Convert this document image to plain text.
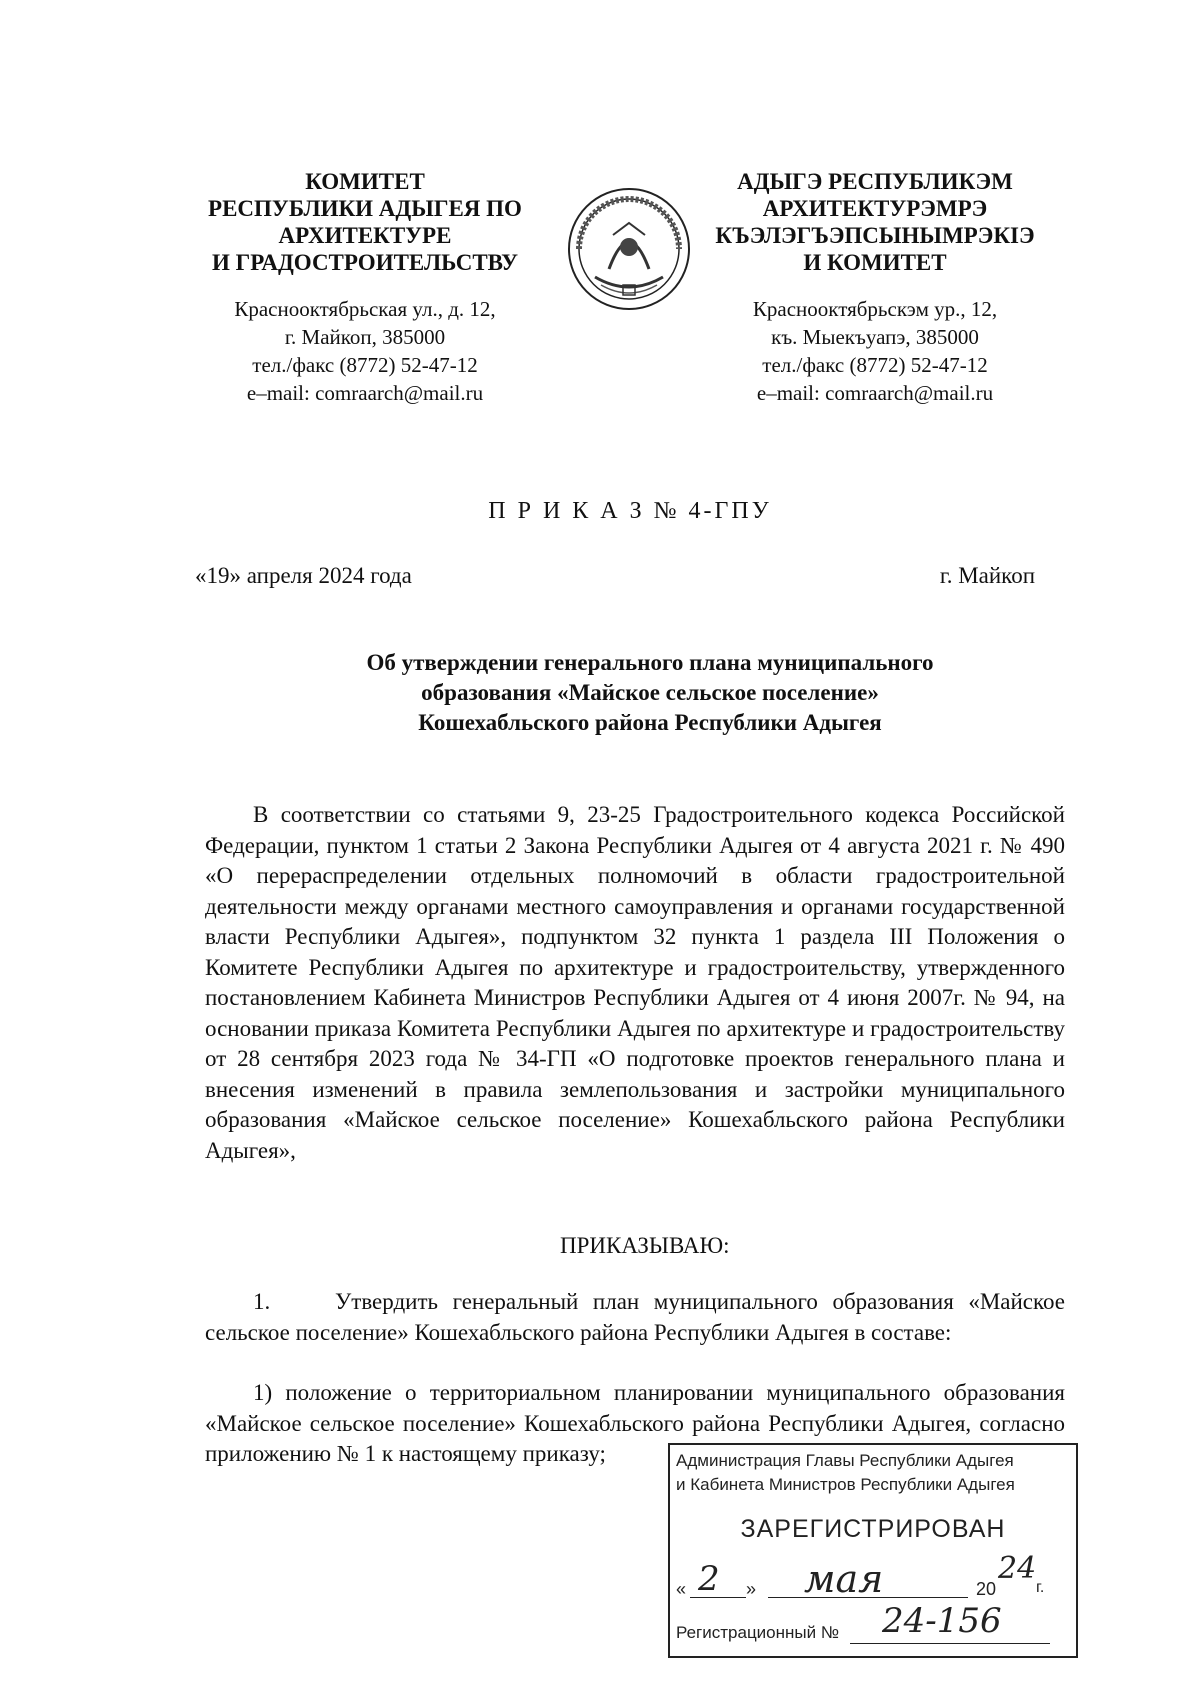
КОМИТЕТ
РЕСПУБЛИКИ АДЫГЕЯ ПО
АРХИТЕКТУРЕ
И ГРАДОСТРОИТЕЛЬСТВУ
Краснооктябрьская ул., д. 12,
г. Майкоп, 385000
тел./факс (8772) 52-47-12
e–mail: comraarch@mail.ru
АДЫГЭ РЕСПУБЛИКЭМ
АРХИТЕКТУРЭМРЭ
КЪЭЛЭГЪЭПСЫНЫМРЭКIЭ
И КОМИТЕТ
Краснооктябрьскэм ур., 12,
къ. Мыекъуапэ, 385000
тел./факс (8772) 52-47-12
e–mail: comraarch@mail.ru
П Р И К А З № 4-ГПУ
«19» апреля 2024 года	г. Майкоп
Об утверждении генерального плана муниципального
образования «Майское сельское поселение»
Кошехабльского района Республики Адыгея
В соответствии со статьями 9, 23-25 Градостроительного кодекса Российской Федерации, пунктом 1 статьи 2 Закона Республики Адыгея от 4 августа 2021 г. № 490 «О перераспределении отдельных полномочий в области градостроительной деятельности между органами местного самоуправления и органами государственной власти Республики Адыгея», подпунктом 32 пункта 1 раздела III Положения о Комитете Республики Адыгея по архитектуре и градостроительству, утвержденного постановлением Кабинета Министров Республики Адыгея от 4 июня 2007г. № 94, на основании приказа Комитета Республики Адыгея по архитектуре и градостроительству от 28 сентября 2023 года № 34-ГП «О подготовке проектов генерального плана и внесения изменений в правила землепользования и застройки муниципального образования «Майское сельское поселение» Кошехабльского района Республики Адыгея»,
ПРИКАЗЫВАЮ:
1.	Утвердить генеральный план муниципального образования «Майское сельское поселение» Кошехабльского района Республики Адыгея в составе:
1) положение о территориальном планировании муниципального образования «Майское сельское поселение» Кошехабльского района Республики Адыгея, согласно приложению № 1 к настоящему приказу;	Администрация Главы Республики Адыгея
и Кабинета Министров Республики Адыгея
ЗАРЕГИСТРИРОВАН
« 2 » мая	20
24
г.
Регистрационный № 24-156
